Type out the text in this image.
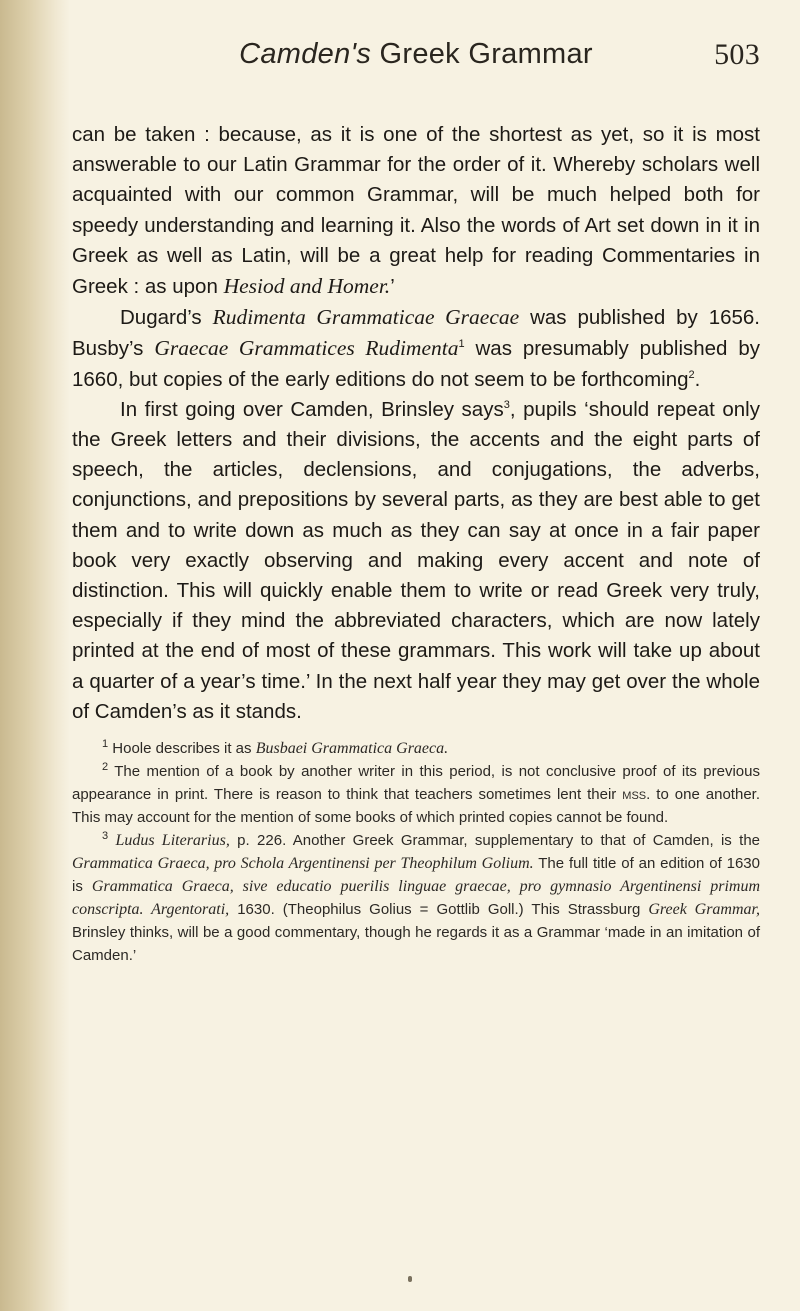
Camden's Greek Grammar	503

can be taken : because, as it is one of the shortest as yet, so it is most answerable to our Latin Grammar for the order of it. Whereby scholars well acquainted with our common Grammar, will be much helped both for speedy understanding and learning it. Also the words of Art set down in it in Greek as well as Latin, will be a great help for reading Commentaries in Greek : as upon Hesiod and Homer.’

Dugard’s Rudimenta Grammaticae Graecae was published by 1656. Busby’s Graecae Grammatices Rudimenta$^1$ was presumably published by 1660, but copies of the early editions do not seem to be forthcoming$^2$.

In first going over Camden, Brinsley says$^3$, pupils ‘should repeat only the Greek letters and their divisions, the accents and the eight parts of speech, the articles, declensions, and conjugations, the adverbs, conjunctions, and prepositions by several parts, as they are best able to get them and to write down as much as they can say at once in a fair paper book very exactly observing and making every accent and note of distinction. This will quickly enable them to write or read Greek very truly, especially if they mind the abbreviated characters, which are now lately printed at the end of most of these grammars. This work will take up about a quarter of a year’s time.’ In the next half year they may get over the whole of Camden’s as it stands.

$^1$ Hoole describes it as Busbaei Grammatica Graeca.

$^2$ The mention of a book by another writer in this period, is not conclusive proof of its previous appearance in print. There is reason to think that teachers sometimes lent their mss. to one another. This may account for the mention of some books of which printed copies cannot be found.

$^3$ Ludus Literarius, p. 226. Another Greek Grammar, supplementary to that of Camden, is the Grammatica Graeca, pro Schola Argentinensi per Theophilum Golium. The full title of an edition of 1630 is Grammatica Graeca, sive educatio puerilis linguae graecae, pro gymnasio Argentinensi primum conscripta. Argentorati, 1630. (Theophilus Golius = Gottlib Goll.) This Strassburg Greek Grammar, Brinsley thinks, will be a good commentary, though he regards it as a Grammar ‘made in an imitation of Camden.’
